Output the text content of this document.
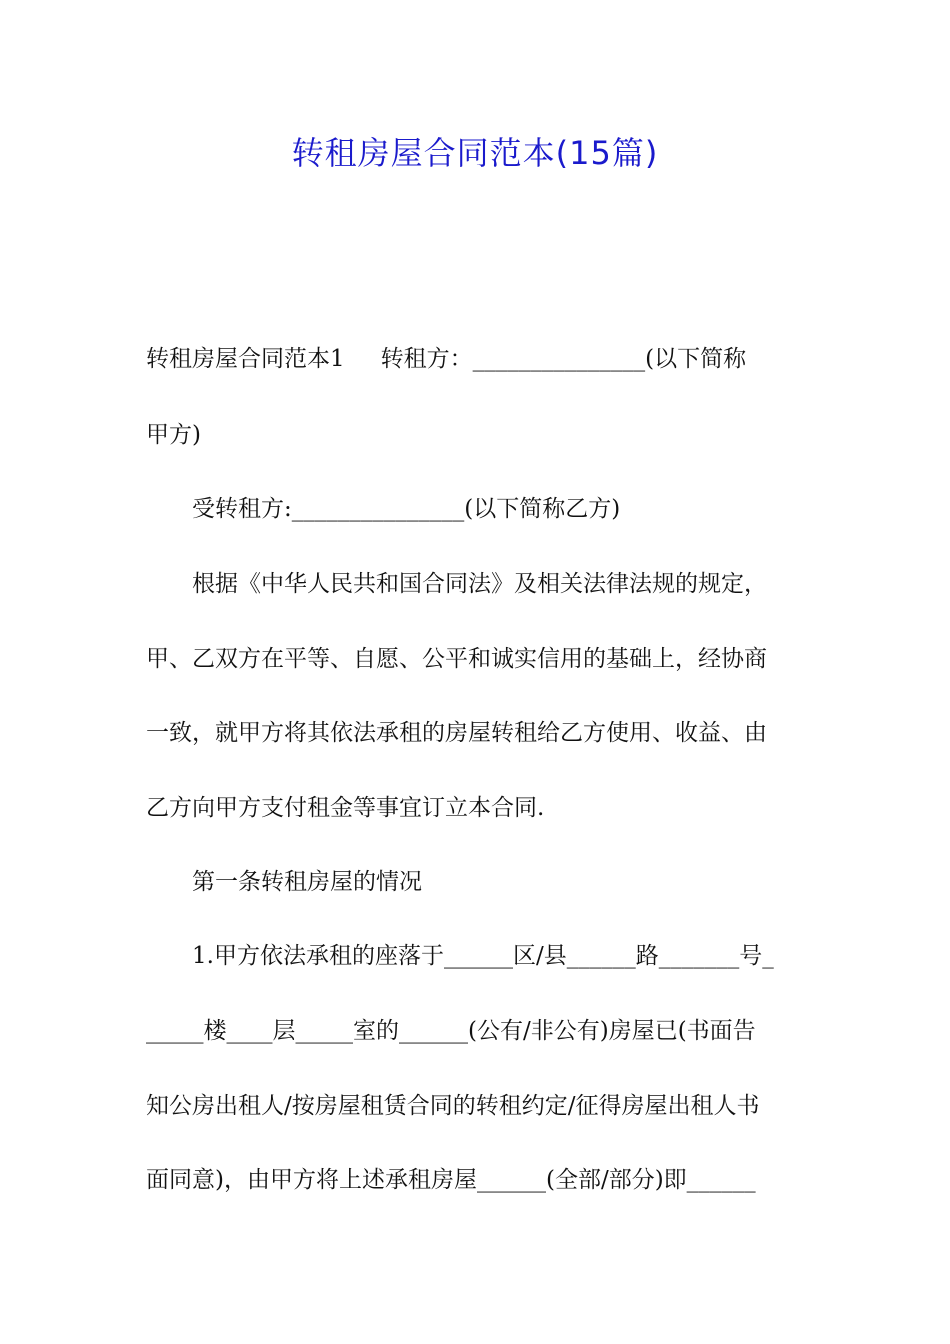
转租房屋合同范本(15篇)
转租房屋合同范本1 转租方：_______________(以下简称
甲方)
受转租方:_______________(以下简称乙方)
根据《中华人民共和国合同法》及相关法律法规的规定，
甲、乙双方在平等、自愿、公平和诚实信用的基础上，经协商
一致，就甲方将其依法承租的房屋转租给乙方使用、收益、由
乙方向甲方支付租金等事宜订立本合同.
第一条转租房屋的情况
1.甲方依法承租的座落于______区/县______路_______号_
_____楼____层_____室的______(公有/非公有)房屋已(书面告
知公房出租人/按房屋租赁合同的转租约定/征得房屋出租人书
面同意)，由甲方将上述承租房屋______(全部/部分)即______
